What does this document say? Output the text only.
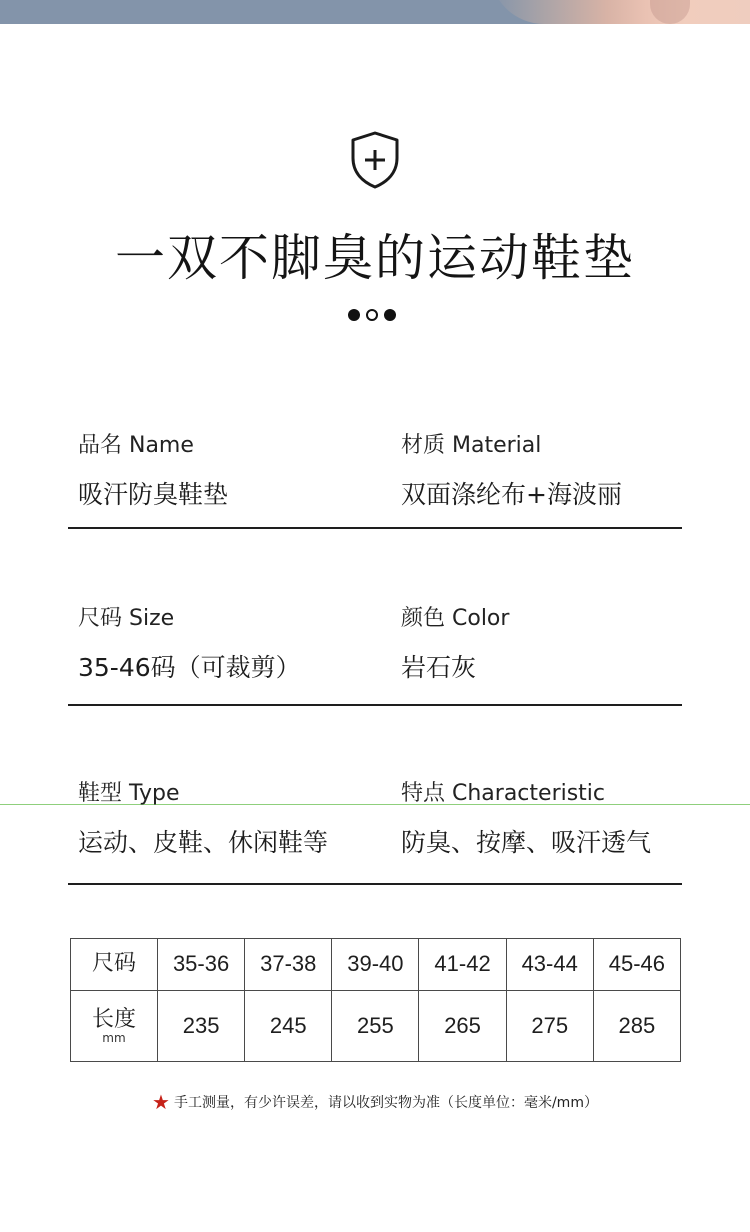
一双不脚臭的运动鞋垫
品名 Name
吸汗防臭鞋垫
材质 Material
双面涤纶布+海波丽
尺码 Size
35-46码（可裁剪）
颜色 Color
岩石灰
鞋型 Type
运动、皮鞋、休闲鞋等
特点 Characteristic
防臭、按摩、吸汗透气
尺码	35-36	37-38	39-40	41-42	43-44	45-46

长度
mm	235	245	255	265	275	285
★ 手工测量，有少许误差，请以收到实物为准（长度单位：毫米/mm）
